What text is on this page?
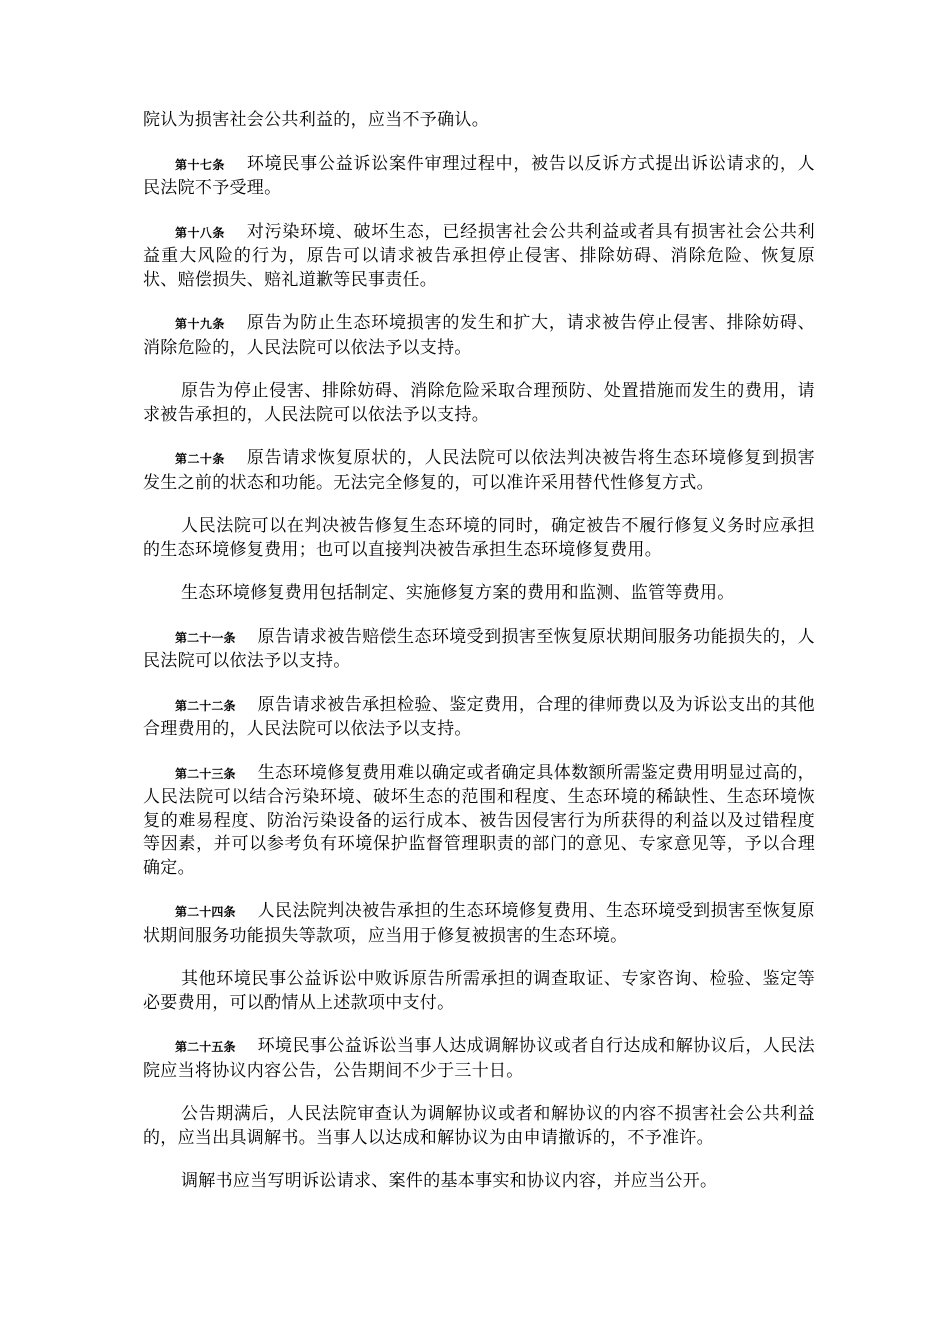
院认为损害社会公共利益的，应当不予确认。

第十七条 环境民事公益诉讼案件审理过程中，被告以反诉方式提出诉讼请求的，人民法院不予受理。

第十八条 对污染环境、破坏生态，已经损害社会公共利益或者具有损害社会公共利益重大风险的行为，原告可以请求被告承担停止侵害、排除妨碍、消除危险、恢复原状、赔偿损失、赔礼道歉等民事责任。

第十九条 原告为防止生态环境损害的发生和扩大，请求被告停止侵害、排除妨碍、消除危险的，人民法院可以依法予以支持。

原告为停止侵害、排除妨碍、消除危险采取合理预防、处置措施而发生的费用，请求被告承担的，人民法院可以依法予以支持。

第二十条 原告请求恢复原状的，人民法院可以依法判决被告将生态环境修复到损害发生之前的状态和功能。无法完全修复的，可以准许采用替代性修复方式。

人民法院可以在判决被告修复生态环境的同时，确定被告不履行修复义务时应承担的生态环境修复费用；也可以直接判决被告承担生态环境修复费用。

生态环境修复费用包括制定、实施修复方案的费用和监测、监管等费用。

第二十一条 原告请求被告赔偿生态环境受到损害至恢复原状期间服务功能损失的，人民法院可以依法予以支持。

第二十二条 原告请求被告承担检验、鉴定费用，合理的律师费以及为诉讼支出的其他合理费用的，人民法院可以依法予以支持。

第二十三条 生态环境修复费用难以确定或者确定具体数额所需鉴定费用明显过高的，人民法院可以结合污染环境、破坏生态的范围和程度、生态环境的稀缺性、生态环境恢复的难易程度、防治污染设备的运行成本、被告因侵害行为所获得的利益以及过错程度等因素，并可以参考负有环境保护监督管理职责的部门的意见、专家意见等，予以合理确定。

第二十四条 人民法院判决被告承担的生态环境修复费用、生态环境受到损害至恢复原状期间服务功能损失等款项，应当用于修复被损害的生态环境。

其他环境民事公益诉讼中败诉原告所需承担的调查取证、专家咨询、检验、鉴定等必要费用，可以酌情从上述款项中支付。

第二十五条 环境民事公益诉讼当事人达成调解协议或者自行达成和解协议后，人民法院应当将协议内容公告，公告期间不少于三十日。

公告期满后，人民法院审查认为调解协议或者和解协议的内容不损害社会公共利益的，应当出具调解书。当事人以达成和解协议为由申请撤诉的，不予准许。

调解书应当写明诉讼请求、案件的基本事实和协议内容，并应当公开。
